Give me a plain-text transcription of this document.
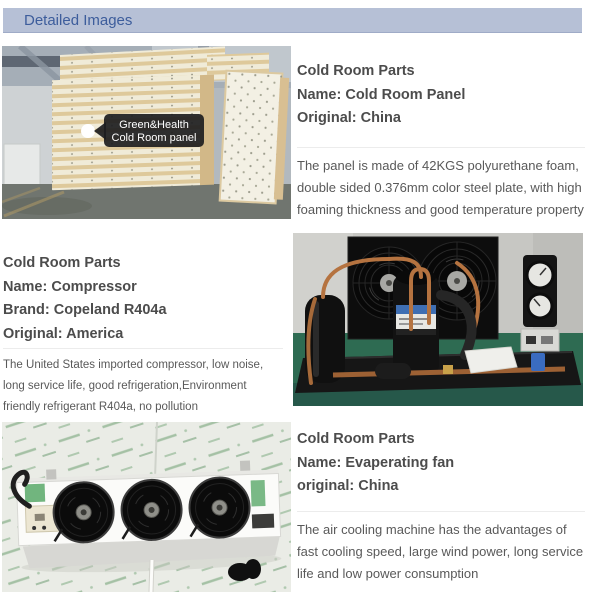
Detailed Images
Green&Health
Cold Room panel
Cold Room Parts
Name: Cold Room Panel
Original: China

The panel is made of 42KGS polyurethane foam, double sided 0.376mm color steel plate, with high foaming thickness and good temperature property

Cold Room Parts
Name: Compressor
Brand: Copeland R404a
Original: America

The United States imported compressor, low noise, long service life, good refrigeration,Environment friendly refrigerant R404a, no pollution

Cold Room Parts
Name: Evaperating fan
original: China

The air cooling machine has the advantages of fast cooling speed, large wind power, long service life and low power consumption
